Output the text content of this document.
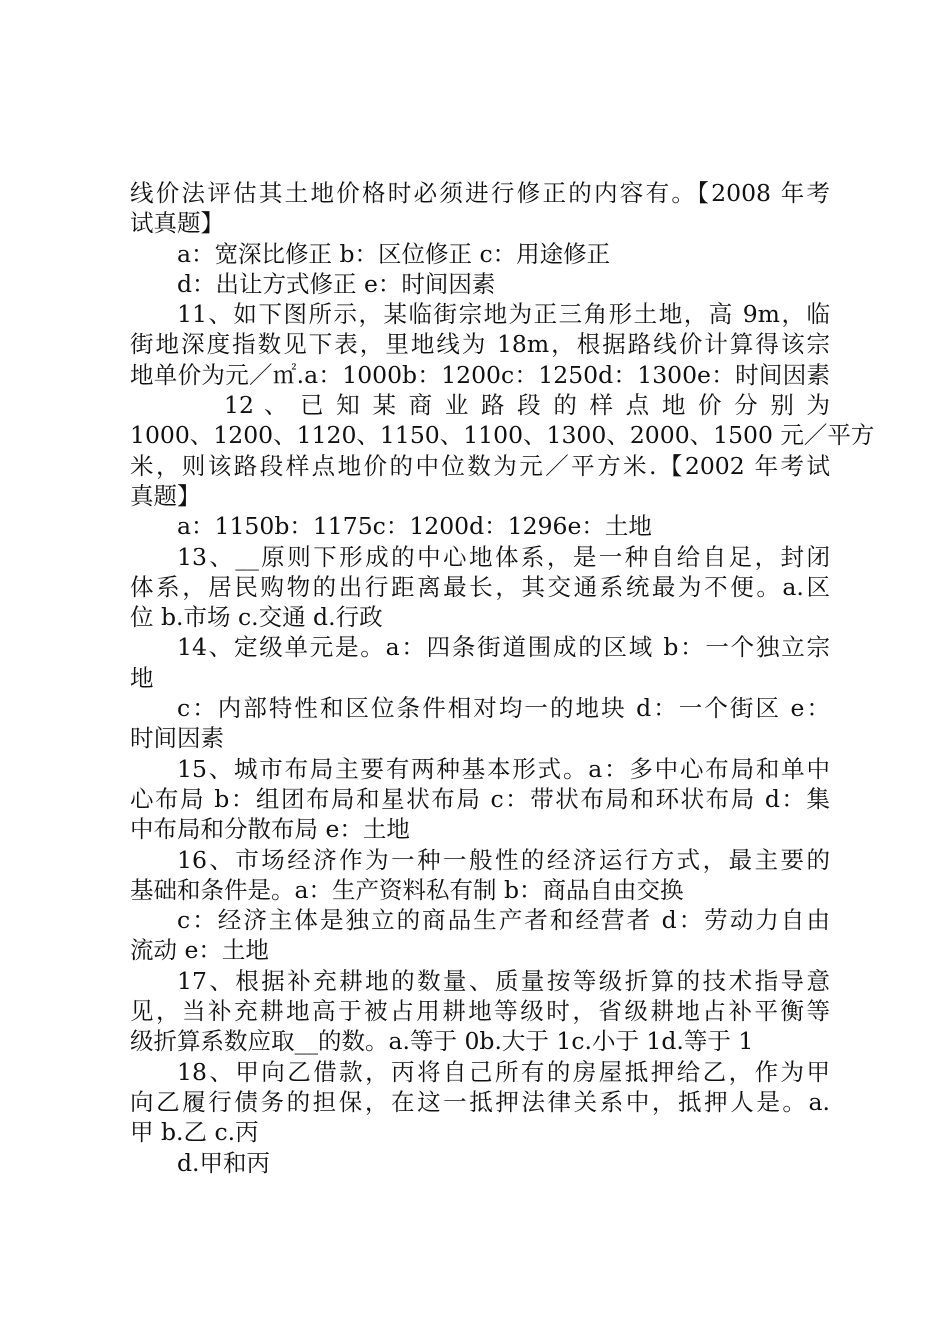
线价法评估其土地价格时必须进行修正的内容有。【2008 年考
试真题】
a：宽深比修正 b：区位修正 c：用途修正
d：出让方式修正 e：时间因素
11、如下图所示，某临街宗地为正三角形土地，高 9m，临
街地深度指数见下表，里地线为 18m，根据路线价计算得该宗
地单价为元／㎡.a：1000b：1200c：1250d：1300e：时间因素
12 、 已 知 某 商 业 路 段 的 样 点 地 价 分 别 为
1000、1200、1120、1150、1100、1300、2000、1500 元／平方
米，则该路段样点地价的中位数为元／平方米.【2002 年考试
真题】
a：1150b：1175c：1200d：1296e：土地
13、__原则下形成的中心地体系，是一种自给自足，封闭
体系，居民购物的出行距离最长，其交通系统最为不便。a.区
位 b.市场 c.交通 d.行政
14、定级单元是。a：四条街道围成的区域 b：一个独立宗
地
c：内部特性和区位条件相对均一的地块 d：一个街区 e：
时间因素
15、城市布局主要有两种基本形式。a：多中心布局和单中
心布局 b：组团布局和星状布局 c：带状布局和环状布局 d：集
中布局和分散布局 e：土地
16、市场经济作为一种一般性的经济运行方式，最主要的
基础和条件是。a：生产资料私有制 b：商品自由交换
c：经济主体是独立的商品生产者和经营者 d：劳动力自由
流动 e：土地
17、根据补充耕地的数量、质量按等级折算的技术指导意
见，当补充耕地高于被占用耕地等级时，省级耕地占补平衡等
级折算系数应取__的数。a.等于 0b.大于 1c.小于 1d.等于 1
18、甲向乙借款，丙将自己所有的房屋抵押给乙，作为甲
向乙履行债务的担保，在这一抵押法律关系中，抵押人是。a.
甲 b.乙 c.丙
d.甲和丙
